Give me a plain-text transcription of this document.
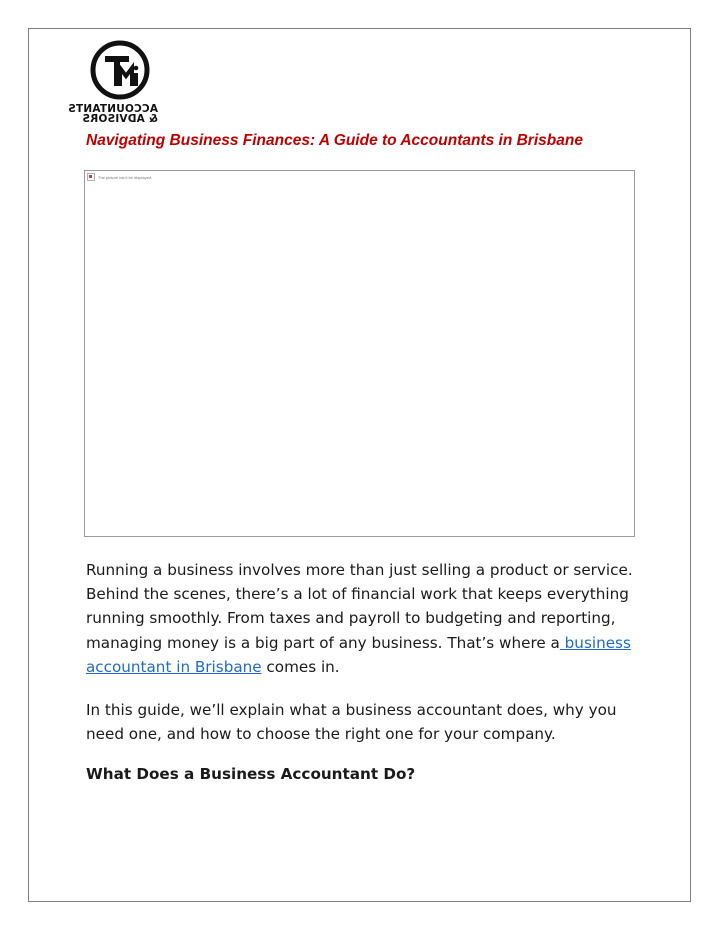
ACCOUNTANTS
& ADVISORS
Navigating Business Finances: A Guide to Accountants in Brisbane
The picture can't be displayed.

Running a business involves more than just selling a product or service. Behind the scenes, there’s a lot of financial work that keeps everything running smoothly. From taxes and payroll to budgeting and reporting, managing money is a big part of any business. That’s where a business accountant in Brisbane comes in.

In this guide, we’ll explain what a business accountant does, why you need one, and how to choose the right one for your company.

What Does a Business Accountant Do?
